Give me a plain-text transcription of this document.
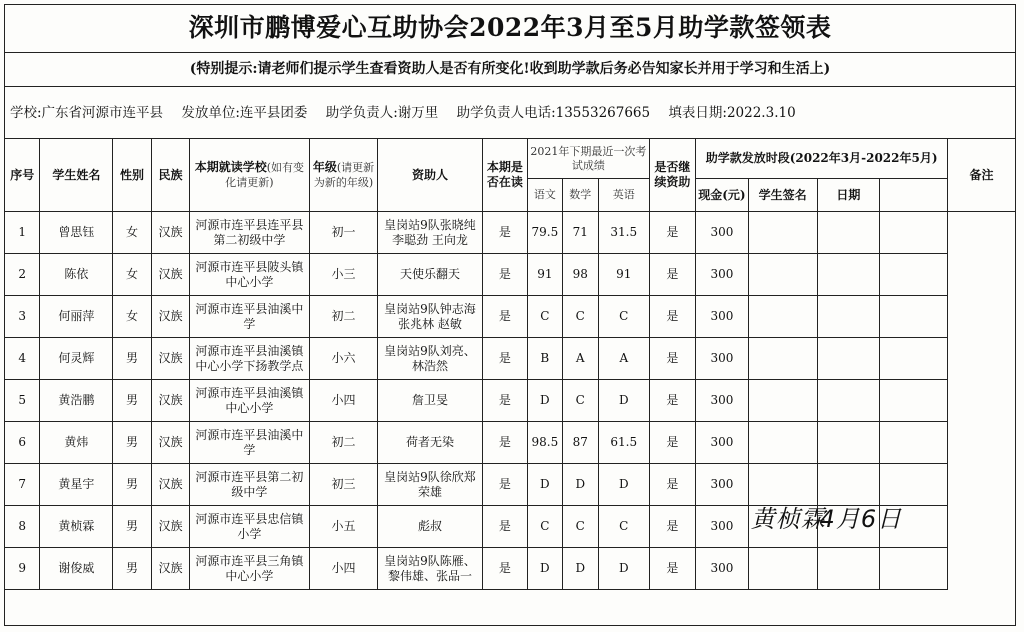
深圳市鹏博爱心互助协会2022年3月至5月助学款签领表
(特别提示:请老师们提示学生查看资助人是否有所变化!收到助学款后务必告知家长并用于学习和生活上)
学校:广东省河源市连平县 发放单位:连平县团委 助学负责人:谢万里 助学负责人电话:13553267665 填表日期:2022.3.10
序号	学生姓名	性别	民族	本期就读学校(如有变化请更新)	年级(请更新为新的年级)	资助人	本期是否在读	2021年下期最近一次考试成绩			是否继续资助	助学款发放时段(2022年3月-2022年5月)				备注
								语文	数学	英语		现金(元)	学生签名	日期		
1	曾思钰	女	汉族	河源市连平县连平县第二初级中学	初一	皇岗站9队张晓纯李聪劲 王向龙	是	79.5	71	31.5	是	300		

2	陈依	女	汉族	河源市连平县陂头镇中心小学	小三	天使乐翻天	是	91	98	91	是	300		

3	何丽萍	女	汉族	河源市连平县油溪中学	初二	皇岗站9队钟志海张兆林 赵敏	是	C	C	C	是	300		

4	何灵辉	男	汉族	河源市连平县油溪镇中心小学下扬教学点	小六	皇岗站9队刘亮、林浩然	是	B	A	A	是	300		

5	黄浩鹏	男	汉族	河源市连平县油溪镇中心小学	小四	詹卫旻	是	D	C	D	是	300		

6	黄炜	男	汉族	河源市连平县油溪中学	初二	荷者无染	是	98.5	87	61.5	是	300		

7	黄星宇	男	汉族	河源市连平县第二初级中学	初三	皇岗站9队徐欣郑荣雄	是	D	D	D	是	300		

8	黄桢霖	男	汉族	河源市连平县忠信镇小学	小五	彪叔	是	C	C	C	是	300	黄桢霖	4月6日		

9	谢俊威	男	汉族	河源市连平县三角镇中心小学	小四	皇岗站9队陈雁、黎伟雄、张品一	是	D	D	D	是	300		
